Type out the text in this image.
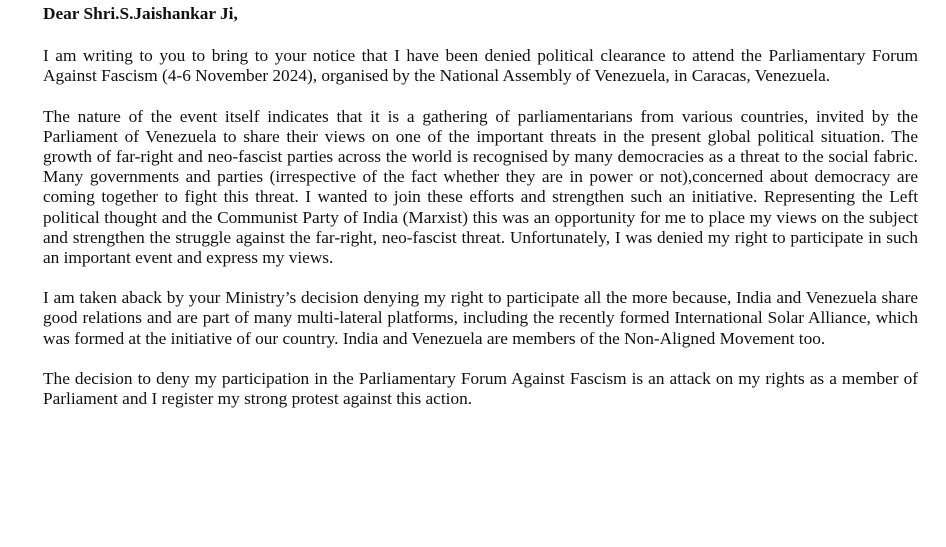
Dear Shri.S.Jaishankar Ji,
I am writing to you to bring to your notice that I have been denied political clearance to attend the Parliamentary Forum Against Fascism (4-6 November 2024), organised by the National Assembly of Venezuela, in Caracas, Venezuela.
The nature of the event itself indicates that it is a gathering of parliamentarians from various countries, invited by the Parliament of Venezuela to share their views on one of the important threats in the present global political situation. The growth of far-right and neo-fascist parties across the world is recognised by many democracies as a threat to the social fabric. Many governments and parties (irrespective of the fact whether they are in power or not),concerned about democracy are coming together to fight this threat. I wanted to join these efforts and strengthen such an initiative. Representing the Left political thought and the Communist Party of India (Marxist) this was an opportunity for me to place my views on the subject and strengthen the struggle against the far-right, neo-fascist threat. Unfortunately, I was denied my right to participate in such an important event and express my views.
I am taken aback by your Ministry’s decision denying my right to participate all the more because, India and Venezuela share good relations and are part of many multi-lateral platforms, including the recently formed International Solar Alliance, which was formed at the initiative of our country. India and Venezuela are members of the Non-Aligned Movement too.
The decision to deny my participation in the Parliamentary Forum Against Fascism is an attack on my rights as a member of Parliament and I register my strong protest against this action.
